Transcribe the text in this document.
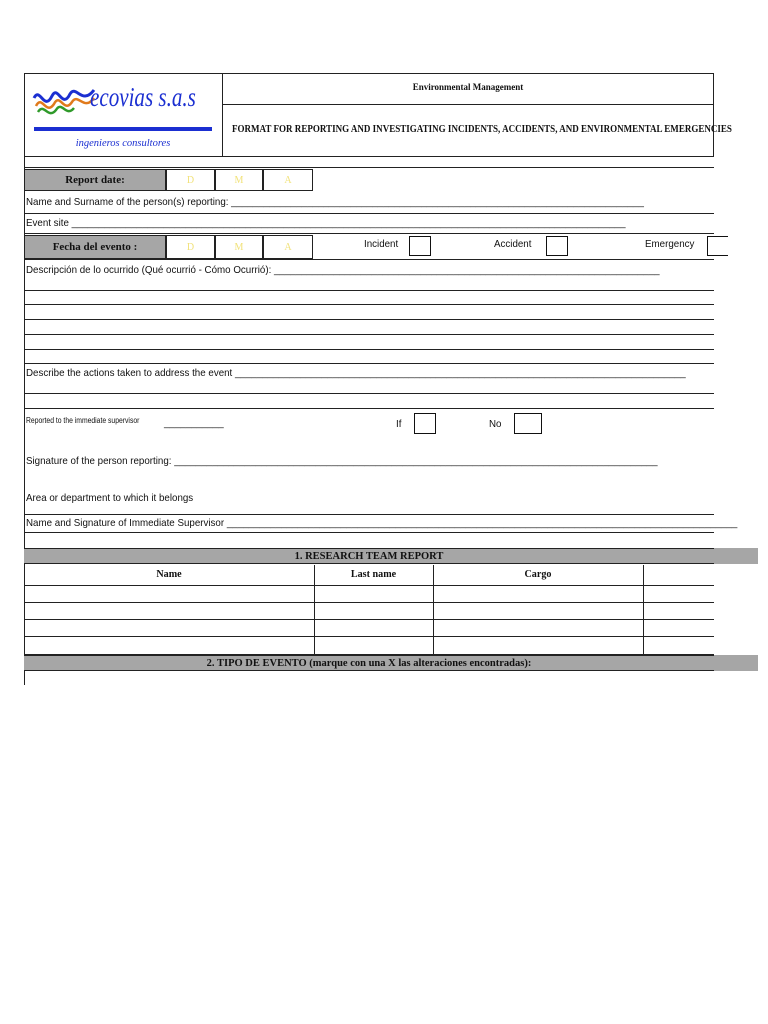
ecovias s.a.s
ingenieros consultores
Environmental Management
FORMAT FOR REPORTING AND INVESTIGATING INCIDENTS, ACCIDENTS, AND ENVIRONMENTAL EMERGENCIES
Report date:	D	M	A
Name and Surname of the person(s) reporting: ____________________________________________________________________________
Event site ______________________________________________________________________________________________________
Fecha del evento :	D	M	A	Incident	Accident	Emergency
Descripción de lo ocurrido (Qué ocurrió - Cómo Ocurrió): _______________________________________________________________________
Describe the actions taken to address the event ___________________________________________________________________________________
Reported to the immediate supervisor ___________	If	No
Signature of the person reporting: _________________________________________________________________________________________
Area or department to which it belongs
Name and Signature of Immediate Supervisor ______________________________________________________________________________________________
1. RESEARCH TEAM REPORT
Name	Last name	Cargo
2. TIPO DE EVENTO (marque con una X las alteraciones encontradas):
